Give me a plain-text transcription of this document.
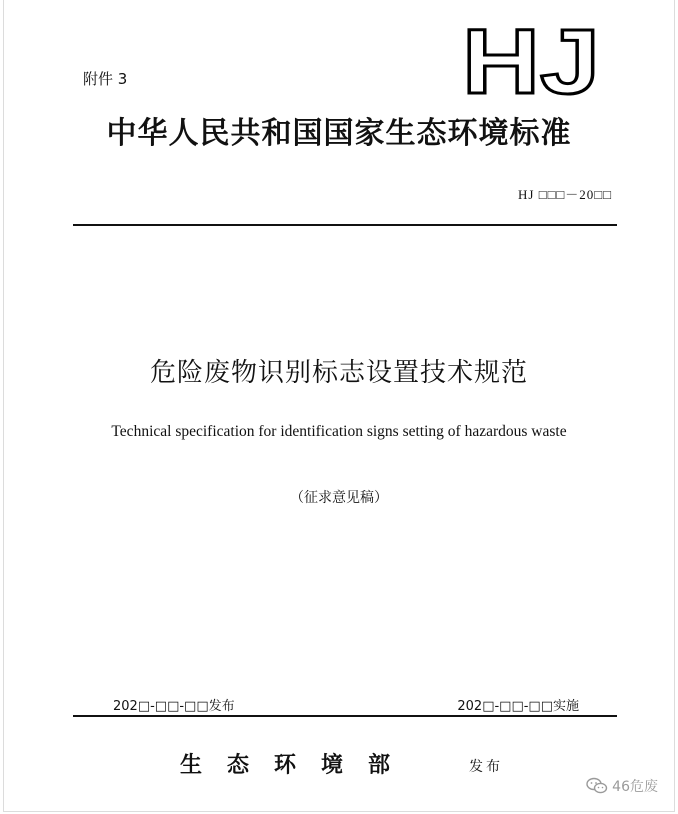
附件 3	HJ
中华人民共和国国家生态环境标准
HJ □□□－20□□
危险废物识别标志设置技术规范
Technical specification for identification signs setting of hazardous waste
（征求意见稿）
202□-□□-□□发布	202□-□□-□□实施
生态环境部	发布
46危废
